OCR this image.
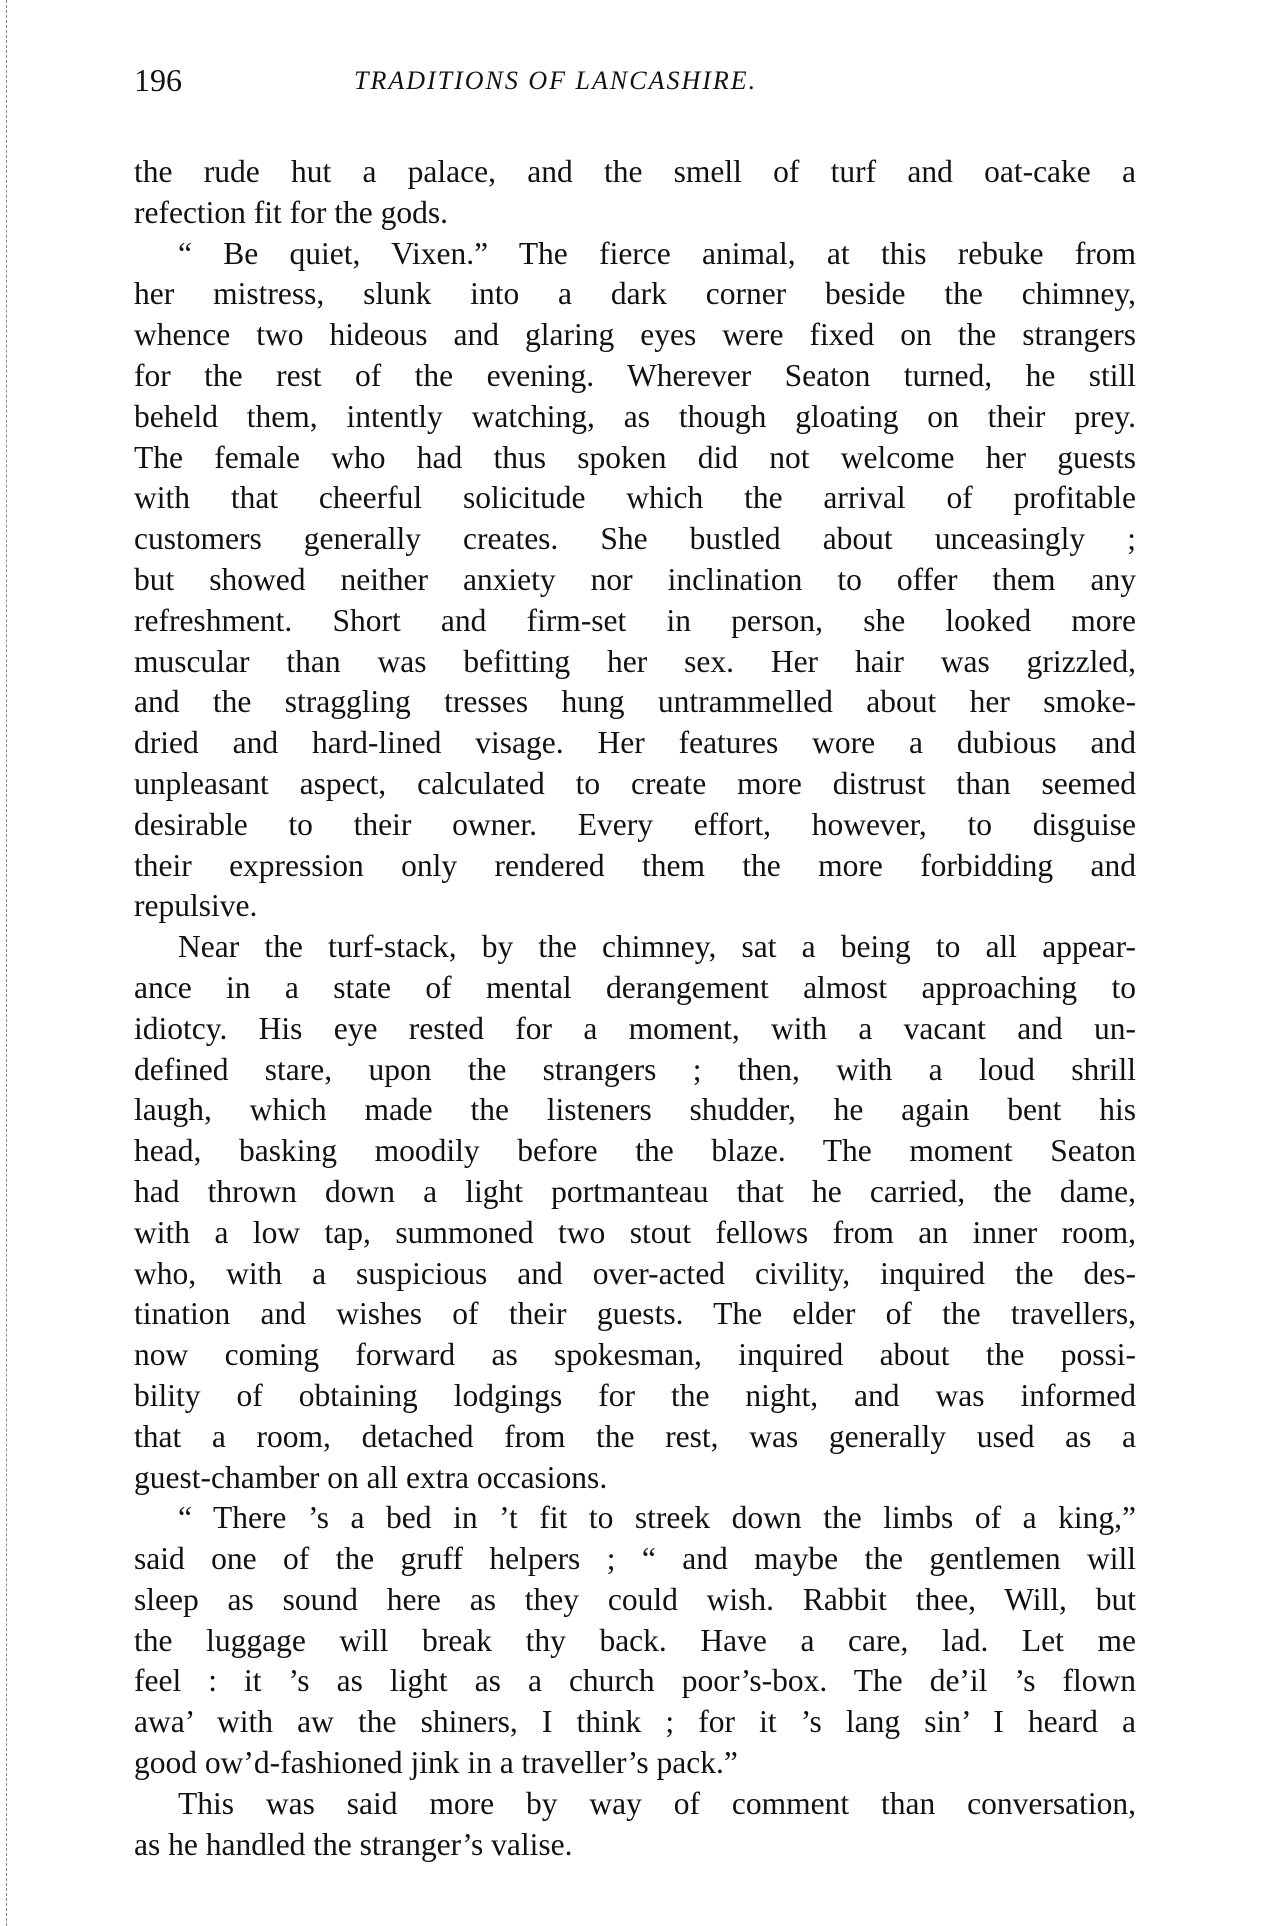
196	TRADITIONS OF LANCASHIRE.
the rude hut a palace, and the smell of turf and oat-cake a
refection fit for the gods.
“ Be quiet, Vixen.” The fierce animal, at this rebuke from
her mistress, slunk into a dark corner beside the chimney,
whence two hideous and glaring eyes were fixed on the strangers
for the rest of the evening. Wherever Seaton turned, he still
beheld them, intently watching, as though gloating on their prey.
The female who had thus spoken did not welcome her guests
with that cheerful solicitude which the arrival of profitable
customers generally creates. She bustled about unceasingly ;
but showed neither anxiety nor inclination to offer them any
refreshment. Short and firm-set in person, she looked more
muscular than was befitting her sex. Her hair was grizzled,
and the straggling tresses hung untrammelled about her smoke-
dried and hard-lined visage. Her features wore a dubious and
unpleasant aspect, calculated to create more distrust than seemed
desirable to their owner. Every effort, however, to disguise
their expression only rendered them the more forbidding and
repulsive.
Near the turf-stack, by the chimney, sat a being to all appear-
ance in a state of mental derangement almost approaching to
idiotcy. His eye rested for a moment, with a vacant and un-
defined stare, upon the strangers ; then, with a loud shrill
laugh, which made the listeners shudder, he again bent his
head, basking moodily before the blaze. The moment Seaton
had thrown down a light portmanteau that he carried, the dame,
with a low tap, summoned two stout fellows from an inner room,
who, with a suspicious and over-acted civility, inquired the des-
tination and wishes of their guests. The elder of the travellers,
now coming forward as spokesman, inquired about the possi-
bility of obtaining lodgings for the night, and was informed
that a room, detached from the rest, was generally used as a
guest-chamber on all extra occasions.
“ There ’s a bed in ’t fit to streek down the limbs of a king,”
said one of the gruff helpers ; “ and maybe the gentlemen will
sleep as sound here as they could wish. Rabbit thee, Will, but
the luggage will break thy back. Have a care, lad. Let me
feel : it ’s as light as a church poor’s-box. The de’il ’s flown
awa’ with aw the shiners, I think ; for it ’s lang sin’ I heard a
good ow’d-fashioned jink in a traveller’s pack.”
This was said more by way of comment than conversation,
as he handled the stranger’s valise.
